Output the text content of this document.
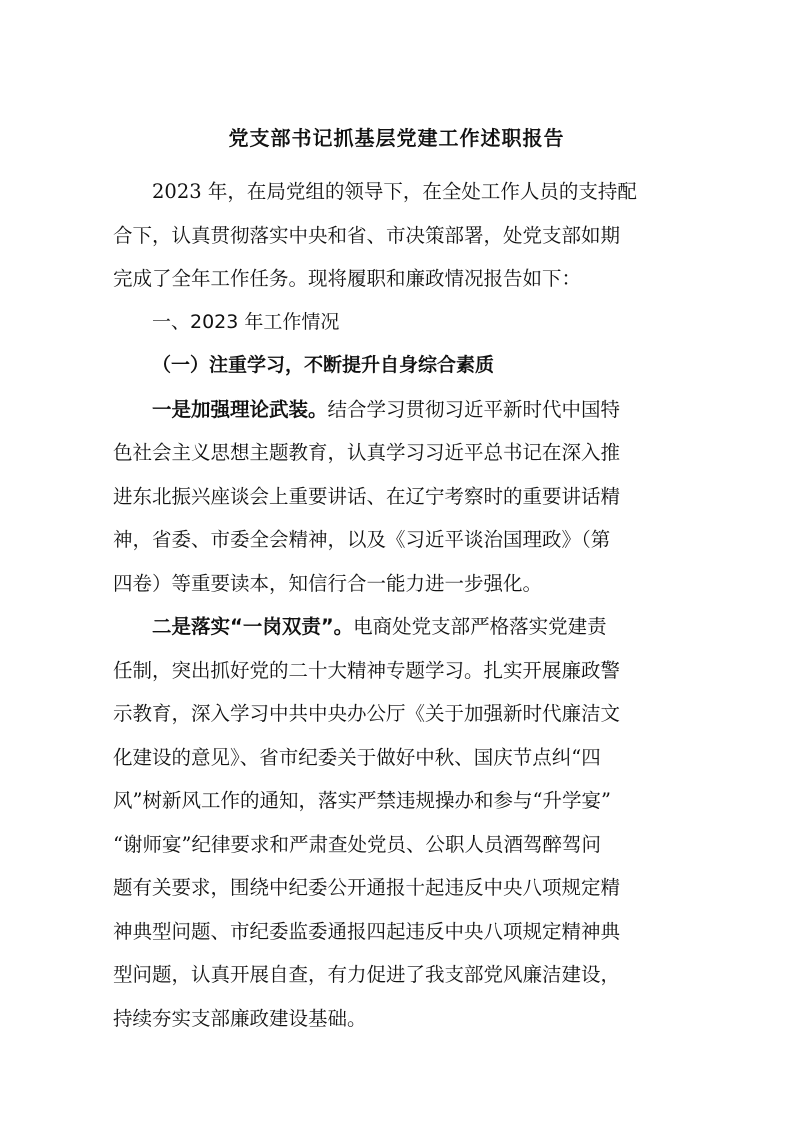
党支部书记抓基层党建工作述职报告

2023 年，在局党组的领导下，在全处工作人员的支持配
合下，认真贯彻落实中央和省、市决策部署，处党支部如期
完成了全年工作任务。现将履职和廉政情况报告如下：

一、2023 年工作情况

（一）注重学习，不断提升自身综合素质

一是加强理论武装。结合学习贯彻习近平新时代中国特
色社会主义思想主题教育，认真学习习近平总书记在深入推
进东北振兴座谈会上重要讲话、在辽宁考察时的重要讲话精
神，省委、市委全会精神，以及《习近平谈治国理政》（第
四卷）等重要读本，知信行合一能力进一步强化。

二是落实“一岗双责”。电商处党支部严格落实党建责
任制，突出抓好党的二十大精神专题学习。扎实开展廉政警
示教育，深入学习中共中央办公厅《关于加强新时代廉洁文
化建设的意见》、省市纪委关于做好中秋、国庆节点纠“四
风”树新风工作的通知，落实严禁违规操办和参与“升学宴”
“谢师宴”纪律要求和严肃查处党员、公职人员酒驾醉驾问
题有关要求，围绕中纪委公开通报十起违反中央八项规定精
神典型问题、市纪委监委通报四起违反中央八项规定精神典
型问题，认真开展自查，有力促进了我支部党风廉洁建设，
持续夯实支部廉政建设基础。
